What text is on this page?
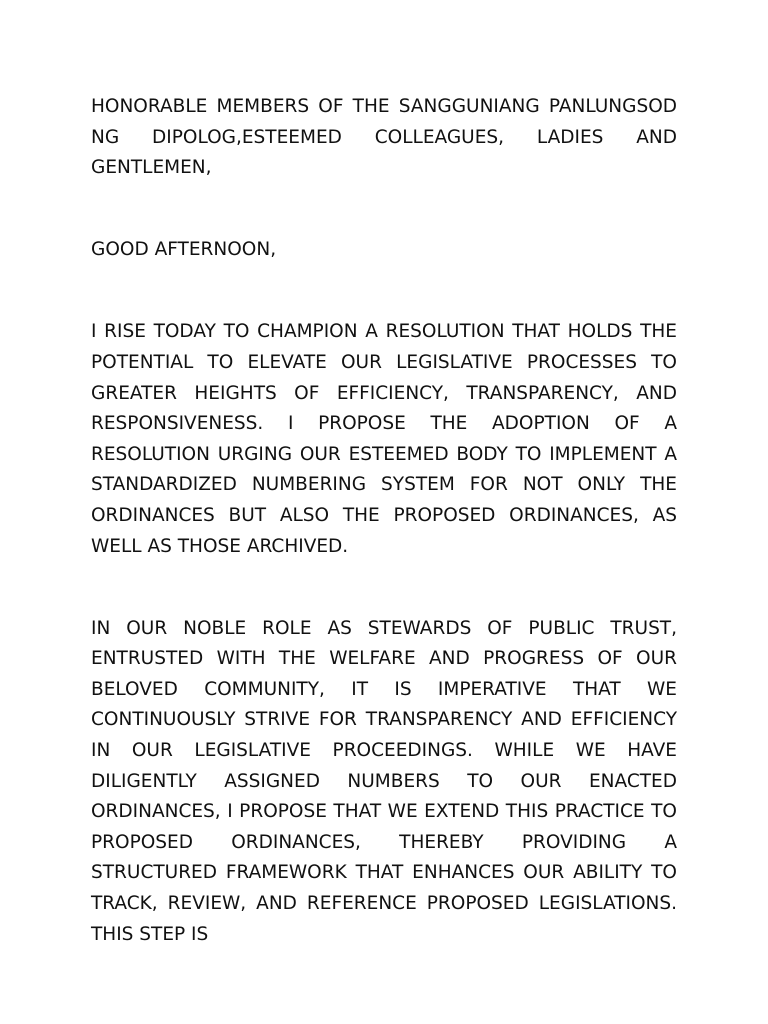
HONORABLE MEMBERS OF THE SANGGUNIANG PANLUNGSOD NG DIPOLOG,ESTEEMED COLLEAGUES, LADIES AND GENTLEMEN,

GOOD AFTERNOON,

I RISE TODAY TO CHAMPION A RESOLUTION THAT HOLDS THE POTENTIAL TO ELEVATE OUR LEGISLATIVE PROCESSES TO GREATER HEIGHTS OF EFFICIENCY, TRANSPARENCY, AND RESPONSIVENESS. I PROPOSE THE ADOPTION OF A RESOLUTION URGING OUR ESTEEMED BODY TO IMPLEMENT A STANDARDIZED NUMBERING SYSTEM FOR NOT ONLY THE ORDINANCES BUT ALSO THE PROPOSED ORDINANCES, AS WELL AS THOSE ARCHIVED.

IN OUR NOBLE ROLE AS STEWARDS OF PUBLIC TRUST, ENTRUSTED WITH THE WELFARE AND PROGRESS OF OUR BELOVED COMMUNITY, IT IS IMPERATIVE THAT WE CONTINUOUSLY STRIVE FOR TRANSPARENCY AND EFFICIENCY IN OUR LEGISLATIVE PROCEEDINGS. WHILE WE HAVE DILIGENTLY ASSIGNED NUMBERS TO OUR ENACTED ORDINANCES, I PROPOSE THAT WE EXTEND THIS PRACTICE TO PROPOSED ORDINANCES, THEREBY PROVIDING A STRUCTURED FRAMEWORK THAT ENHANCES OUR ABILITY TO TRACK, REVIEW, AND REFERENCE PROPOSED LEGISLATIONS. THIS STEP IS
